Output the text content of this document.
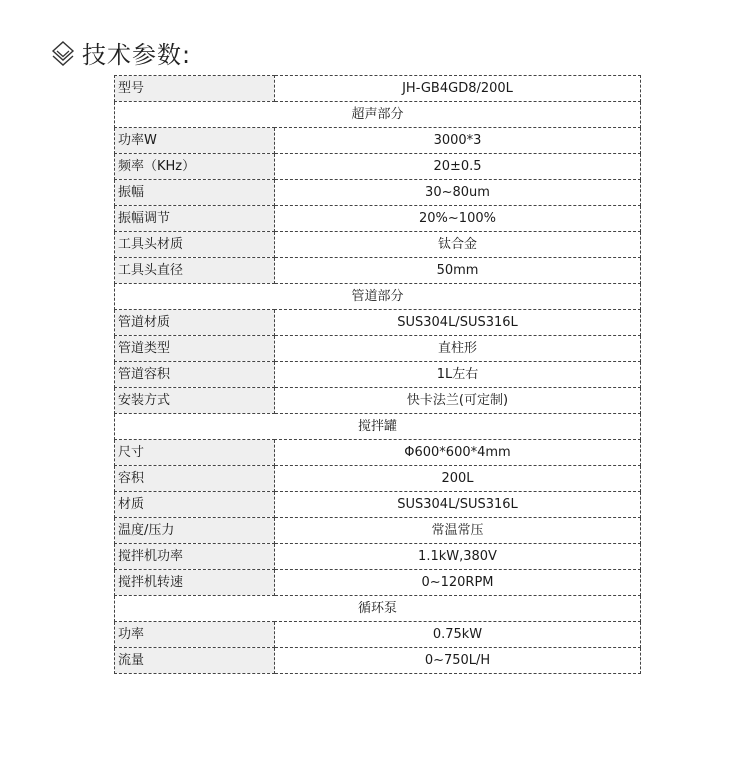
技术参数:
型号	JH-GB4GD8/200L
超声部分	
功率W	3000*3
频率（KHz）	20±0.5
振幅	30~80um
振幅调节	20%~100%
工具头材质	钛合金
工具头直径	50mm
管道部分	
管道材质	SUS304L/SUS316L
管道类型	直柱形
管道容积	1L左右
安装方式	快卡法兰(可定制)
搅拌罐	
尺寸	Φ600*600*4mm
容积	200L
材质	SUS304L/SUS316L
温度/压力	常温常压
搅拌机功率	1.1kW,380V
搅拌机转速	0~120RPM
循环泵	
功率	0.75kW
流量	0~750L/H
